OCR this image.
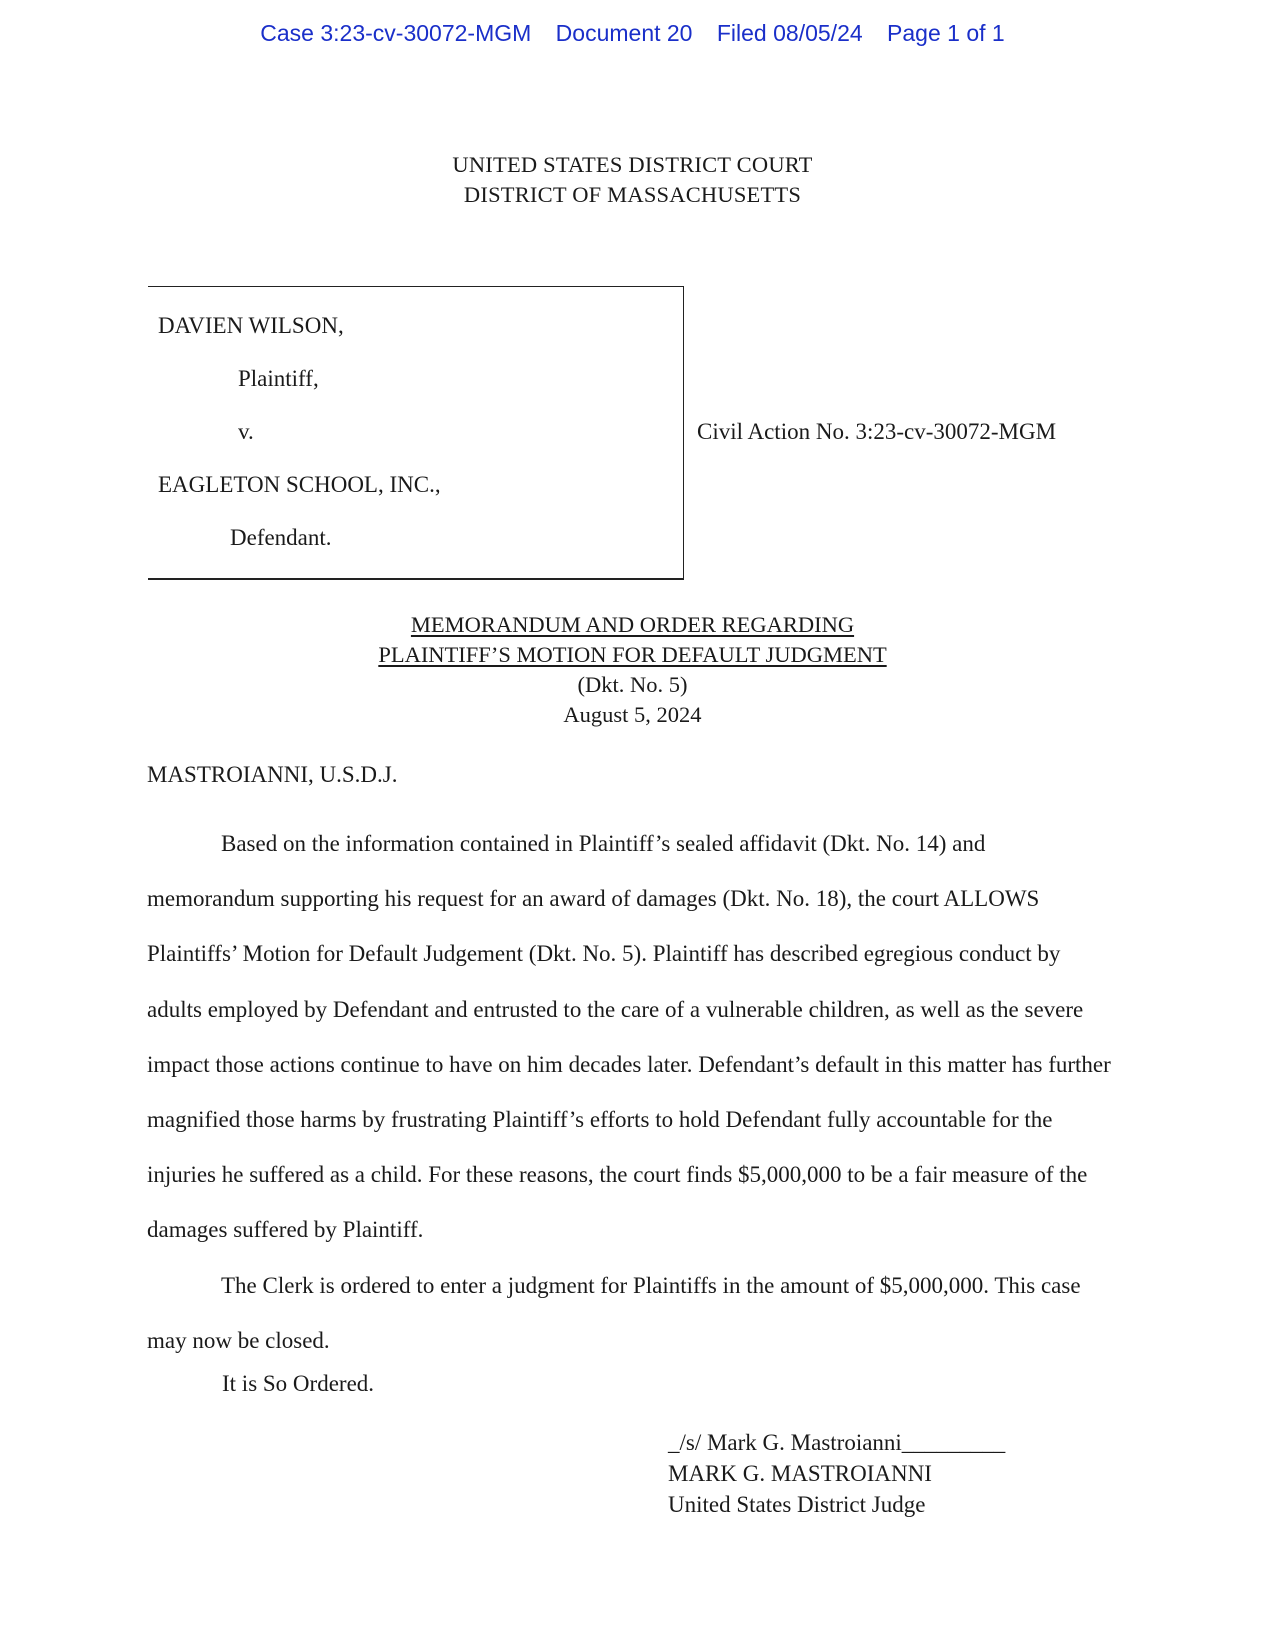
Case 3:23-cv-30072-MGM Document 20 Filed 08/05/24 Page 1 of 1
UNITED STATES DISTRICT COURT
DISTRICT OF MASSACHUSETTS
DAVIEN WILSON,
Plaintiff,
v.
EAGLETON SCHOOL, INC.,
Defendant.
Civil Action No. 3:23-cv-30072-MGM
MEMORANDUM AND ORDER REGARDING
PLAINTIFF’S MOTION FOR DEFAULT JUDGMENT
(Dkt. No. 5)
August 5, 2024
MASTROIANNI, U.S.D.J.

Based on the information contained in Plaintiff’s sealed affidavit (Dkt. No. 14) and memorandum supporting his request for an award of damages (Dkt. No. 18), the court ALLOWS Plaintiffs’ Motion for Default Judgement (Dkt. No. 5). Plaintiff has described egregious conduct by adults employed by Defendant and entrusted to the care of a vulnerable children, as well as the severe impact those actions continue to have on him decades later. Defendant’s default in this matter has further magnified those harms by frustrating Plaintiff’s efforts to hold Defendant fully accountable for the injuries he suffered as a child. For these reasons, the court finds $5,000,000 to be a fair measure of the damages suffered by Plaintiff.

The Clerk is ordered to enter a judgment for Plaintiffs in the amount of $5,000,000. This case may now be closed.

It is So Ordered.
_/s/ Mark G. Mastroianni_________
MARK G. MASTROIANNI
United States District Judge
